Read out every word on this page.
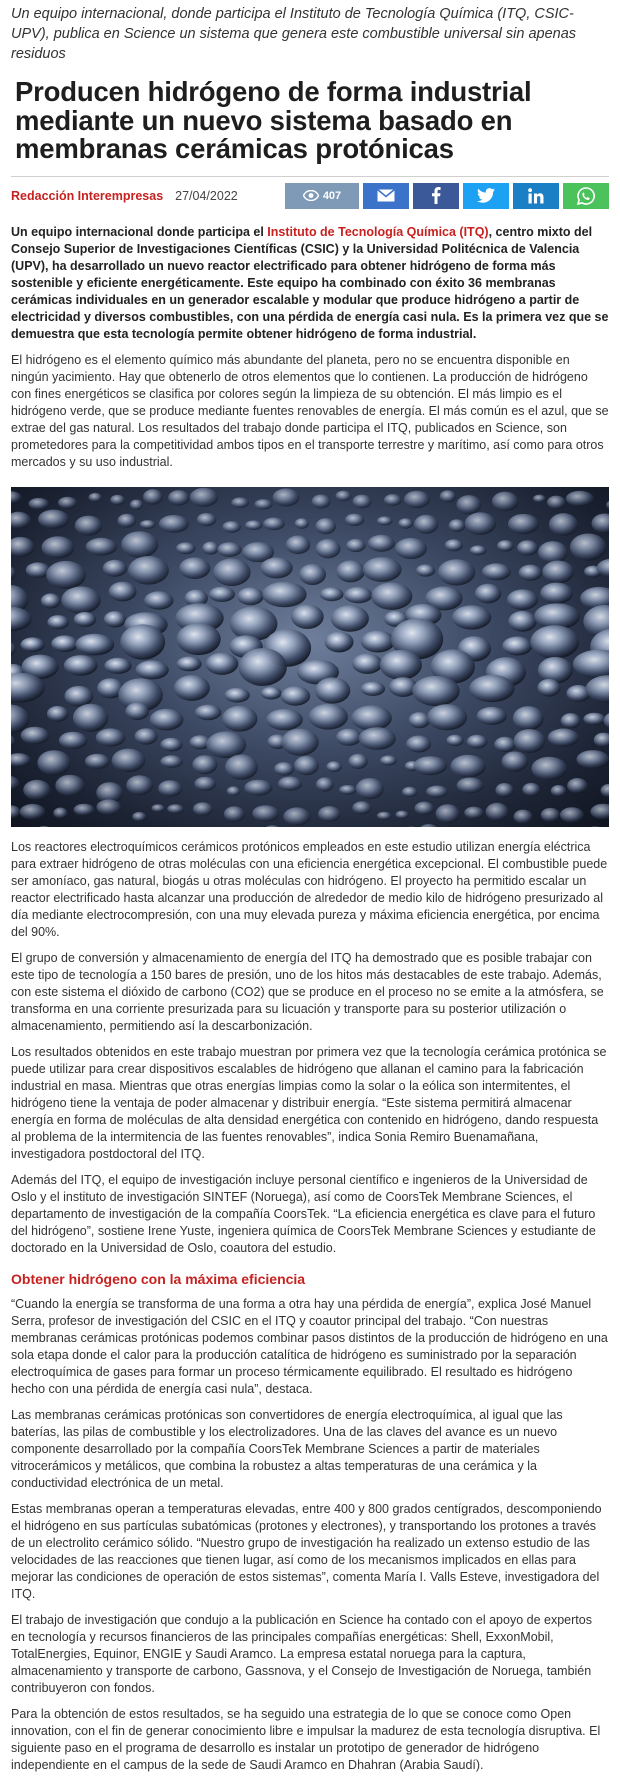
Un equipo internacional, donde participa el Instituto de Tecnología Química (ITQ, CSIC-UPV), publica en Science un sistema que genera este combustible universal sin apenas residuos

Producen hidrógeno de forma industrial mediante un nuevo sistema basado en membranas cerámicas protónicas
Redacción Interempresas 27/04/2022	407

Un equipo internacional donde participa el Instituto de Tecnología Química (ITQ), centro mixto del Consejo Superior de Investigaciones Científicas (CSIC) y la Universidad Politécnica de Valencia (UPV), ha desarrollado un nuevo reactor electrificado para obtener hidrógeno de forma más sostenible y eficiente energéticamente. Este equipo ha combinado con éxito 36 membranas cerámicas individuales en un generador escalable y modular que produce hidrógeno a partir de electricidad y diversos combustibles, con una pérdida de energía casi nula. Es la primera vez que se demuestra que esta tecnología permite obtener hidrógeno de forma industrial.

El hidrógeno es el elemento químico más abundante del planeta, pero no se encuentra disponible en ningún yacimiento. Hay que obtenerlo de otros elementos que lo contienen. La producción de hidrógeno con fines energéticos se clasifica por colores según la limpieza de su obtención. El más limpio es el hidrógeno verde, que se produce mediante fuentes renovables de energía. El más común es el azul, que se extrae del gas natural. Los resultados del trabajo donde participa el ITQ, publicados en Science, son prometedores para la competitividad ambos tipos en el transporte terrestre y marítimo, así como para otros mercados y su uso industrial.

Los reactores electroquímicos cerámicos protónicos empleados en este estudio utilizan energía eléctrica para extraer hidrógeno de otras moléculas con una eficiencia energética excepcional. El combustible puede ser amoníaco, gas natural, biogás u otras moléculas con hidrógeno. El proyecto ha permitido escalar un reactor electrificado hasta alcanzar una producción de alrededor de medio kilo de hidrógeno presurizado al día mediante electrocompresión, con una muy elevada pureza y máxima eficiencia energética, por encima del 90%.

El grupo de conversión y almacenamiento de energía del ITQ ha demostrado que es posible trabajar con este tipo de tecnología a 150 bares de presión, uno de los hitos más destacables de este trabajo. Además, con este sistema el dióxido de carbono (CO2) que se produce en el proceso no se emite a la atmósfera, se transforma en una corriente presurizada para su licuación y transporte para su posterior utilización o almacenamiento, permitiendo así la descarbonización.

Los resultados obtenidos en este trabajo muestran por primera vez que la tecnología cerámica protónica se puede utilizar para crear dispositivos escalables de hidrógeno que allanan el camino para la fabricación industrial en masa. Mientras que otras energías limpias como la solar o la eólica son intermitentes, el hidrógeno tiene la ventaja de poder almacenar y distribuir energía. “Este sistema permitirá almacenar energía en forma de moléculas de alta densidad energética con contenido en hidrógeno, dando respuesta al problema de la intermitencia de las fuentes renovables”, indica Sonia Remiro Buenamañana, investigadora postdoctoral del ITQ.

Además del ITQ, el equipo de investigación incluye personal científico e ingenieros de la Universidad de Oslo y el instituto de investigación SINTEF (Noruega), así como de CoorsTek Membrane Sciences, el departamento de investigación de la compañía CoorsTek. “La eficiencia energética es clave para el futuro del hidrógeno”, sostiene Irene Yuste, ingeniera química de CoorsTek Membrane Sciences y estudiante de doctorado en la Universidad de Oslo, coautora del estudio.

Obtener hidrógeno con la máxima eficiencia

“Cuando la energía se transforma de una forma a otra hay una pérdida de energía”, explica José Manuel Serra, profesor de investigación del CSIC en el ITQ y coautor principal del trabajo. “Con nuestras membranas cerámicas protónicas podemos combinar pasos distintos de la producción de hidrógeno en una sola etapa donde el calor para la producción catalítica de hidrógeno es suministrado por la separación electroquímica de gases para formar un proceso térmicamente equilibrado. El resultado es hidrógeno hecho con una pérdida de energía casi nula”, destaca.

Las membranas cerámicas protónicas son convertidores de energía electroquímica, al igual que las baterías, las pilas de combustible y los electrolizadores. Una de las claves del avance es un nuevo componente desarrollado por la compañía CoorsTek Membrane Sciences a partir de materiales vitrocerámicos y metálicos, que combina la robustez a altas temperaturas de una cerámica y la conductividad electrónica de un metal.

Estas membranas operan a temperaturas elevadas, entre 400 y 800 grados centígrados, descomponiendo el hidrógeno en sus partículas subatómicas (protones y electrones), y transportando los protones a través de un electrolito cerámico sólido. “Nuestro grupo de investigación ha realizado un extenso estudio de las velocidades de las reacciones que tienen lugar, así como de los mecanismos implicados en ellas para mejorar las condiciones de operación de estos sistemas”, comenta María I. Valls Esteve, investigadora del ITQ.

El trabajo de investigación que condujo a la publicación en Science ha contado con el apoyo de expertos en tecnología y recursos financieros de las principales compañías energéticas: Shell, ExxonMobil, TotalEnergies, Equinor, ENGIE y Saudi Aramco. La empresa estatal noruega para la captura, almacenamiento y transporte de carbono, Gassnova, y el Consejo de Investigación de Noruega, también contribuyeron con fondos.

Para la obtención de estos resultados, se ha seguido una estrategia de lo que se conoce como Open innovation, con el fin de generar conocimiento libre e impulsar la madurez de esta tecnología disruptiva. El siguiente paso en el programa de desarrollo es instalar un prototipo de generador de hidrógeno independiente en el campus de la sede de Saudi Aramco en Dhahran (Arabia Saudí).
